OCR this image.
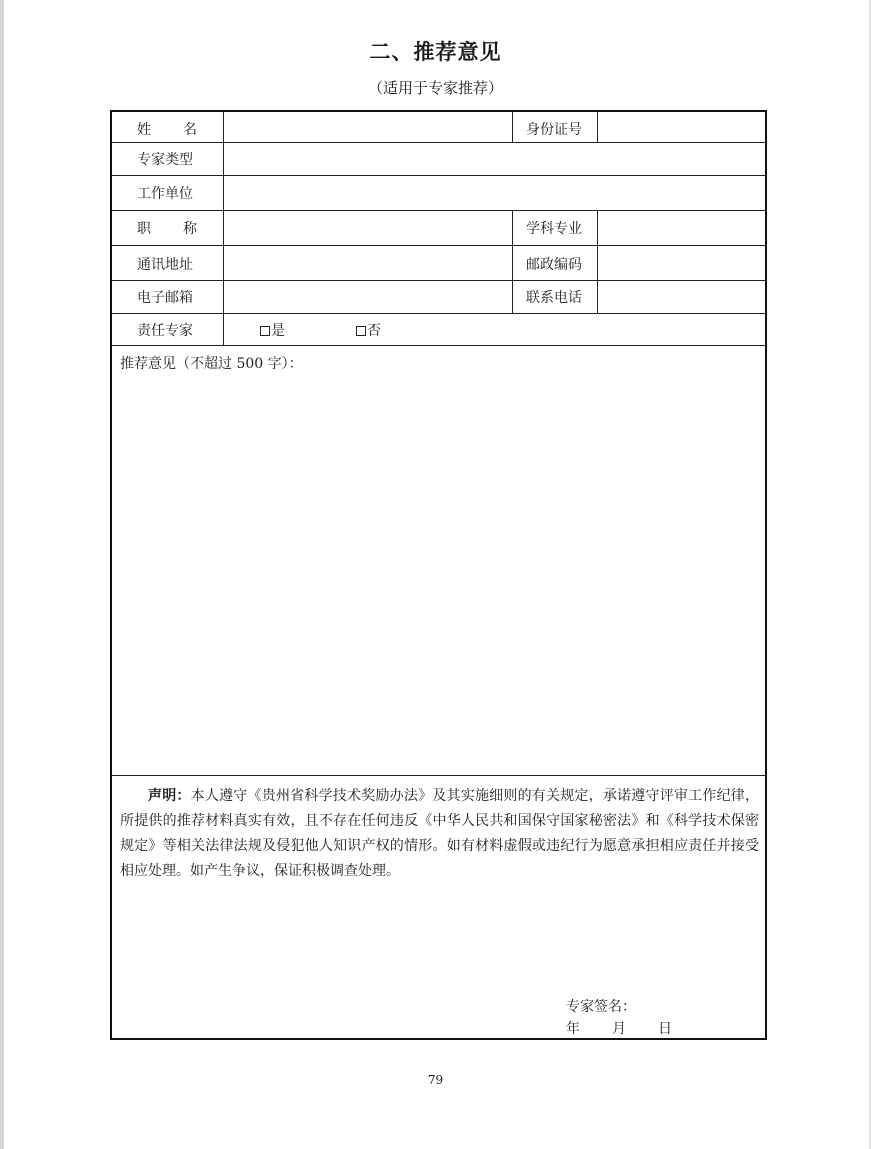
二、推荐意见
（适用于专家推荐）
姓名	身份证号
专家类型
工作单位
职称	学科专业
通讯地址	邮政编码
电子邮箱	联系电话
责任专家	是	否
推荐意见（不超过 500 字）：
声明：本人遵守《贵州省科学技术奖励办法》及其实施细则的有关规定，承诺遵守评审工作纪律，所提供的推荐材料真实有效，且不存在任何违反《中华人民共和国保守国家秘密法》和《科学技术保密规定》等相关法律法规及侵犯他人知识产权的情形。如有材料虚假或违纪行为愿意承担相应责任并接受相应处理。如产生争议，保证积极调查处理。
专家签名：
年 月 日
79
